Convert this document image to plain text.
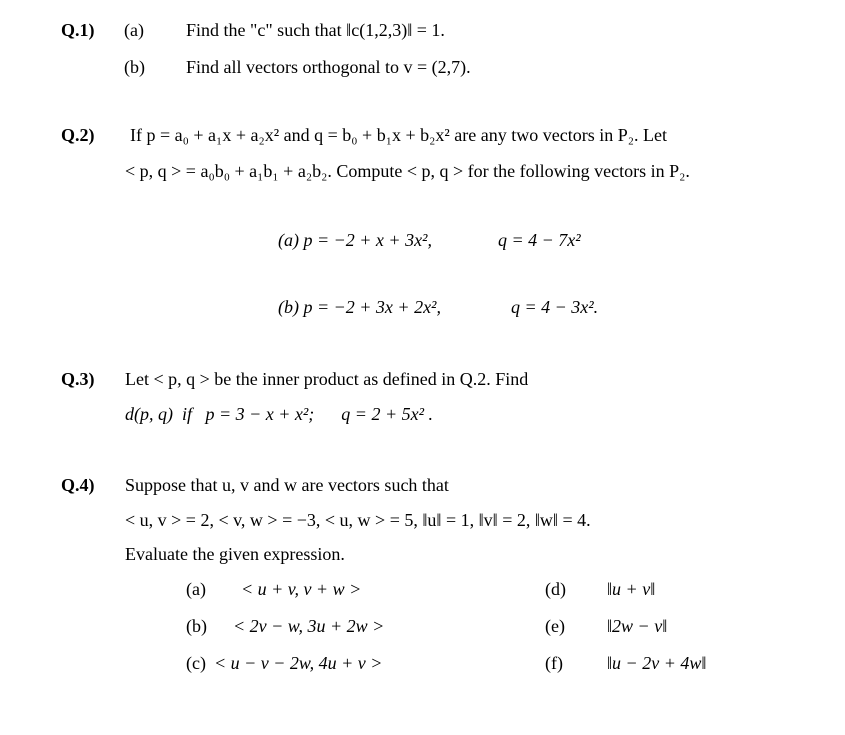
Q.1) (a) Find the "c" such that ‖c(1,2,3)‖ = 1.
(b) Find all vectors orthogonal to v = (2,7).
Q.2) If p = a₀ + a₁x + a₂x² and q = b₀ + b₁x + b₂x² are any two vectors in P₂. Let
< p, q > = a₀b₀ + a₁b₁ + a₂b₂. Compute < p, q > for the following vectors in P₂.
(a) p = −2 + x + 3x²,	q = 4 − 7x²
(b) p = −2 + 3x + 2x²,	q = 4 − 3x².
Q.3) Let < p, q > be the inner product as defined in Q.2. Find
d(p, q)  if   p = 3 − x + x²;      q = 2 + 5x² .
Q.4) Suppose that u, v and w are vectors such that
< u, v > = 2, < v, w > = −3, < u, w > = 5, ‖u‖ = 1, ‖v‖ = 2, ‖w‖ = 4.
Evaluate the given expression.
(a) < u + v, v + w >
(b) < 2v − w, 3u + 2w >
(c) < u − v − 2w, 4u + v >
(d) ‖u + v‖
(e) ‖2w − v‖
(f) ‖u − 2v + 4w‖
